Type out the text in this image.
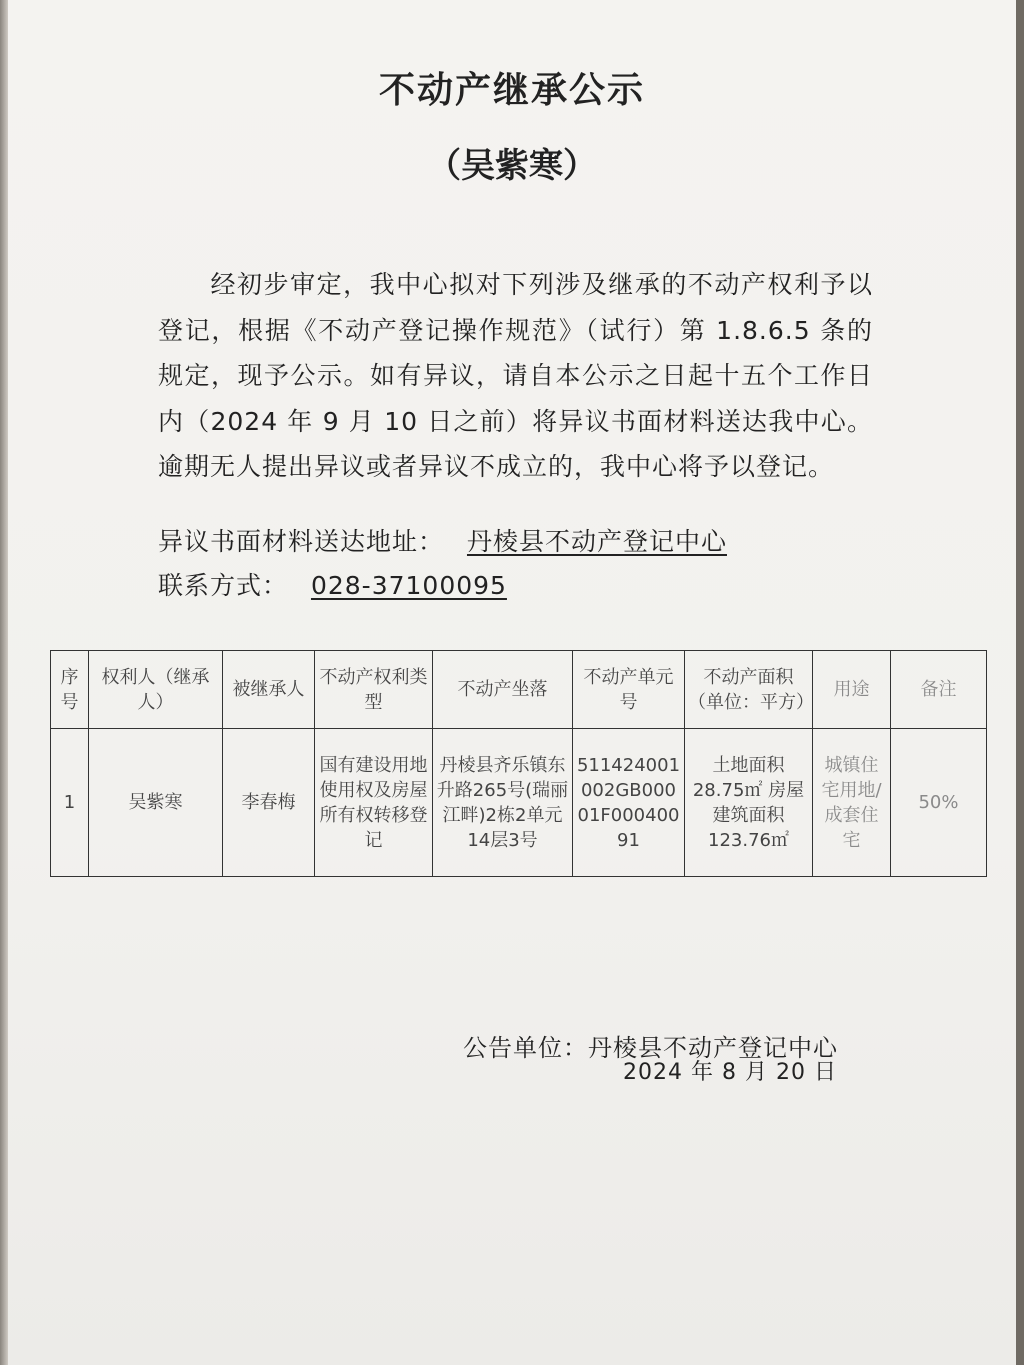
不动产继承公示
（吴紫寒）
经初步审定，我中心拟对下列涉及继承的不动产权利予以登记，根据《不动产登记操作规范》（试行）第 1.8.6.5 条的规定，现予公示。如有异议，请自本公示之日起十五个工作日内（2024 年 9 月 10 日之前）将异议书面材料送达我中心。逾期无人提出异议或者异议不成立的，我中心将予以登记。
异议书面材料送达地址： 丹棱县不动产登记中心
联系方式： 028-37100095
序号	权利人（继承人）	被继承人	不动产权利类型	不动产坐落	不动产单元号	不动产面积（单位：平方）	用途	备注
1	吴紫寒	李春梅	国有建设用地使用权及房屋所有权转移登记	丹棱县齐乐镇东升路265号(瑞丽江畔)2栋2单元14层3号	511424001002GB00001F00040091	土地面积28.75㎡ 房屋建筑面积123.76㎡	城镇住宅用地/成套住宅	50%
公告单位：丹棱县不动产登记中心
2024 年 8 月 20 日
